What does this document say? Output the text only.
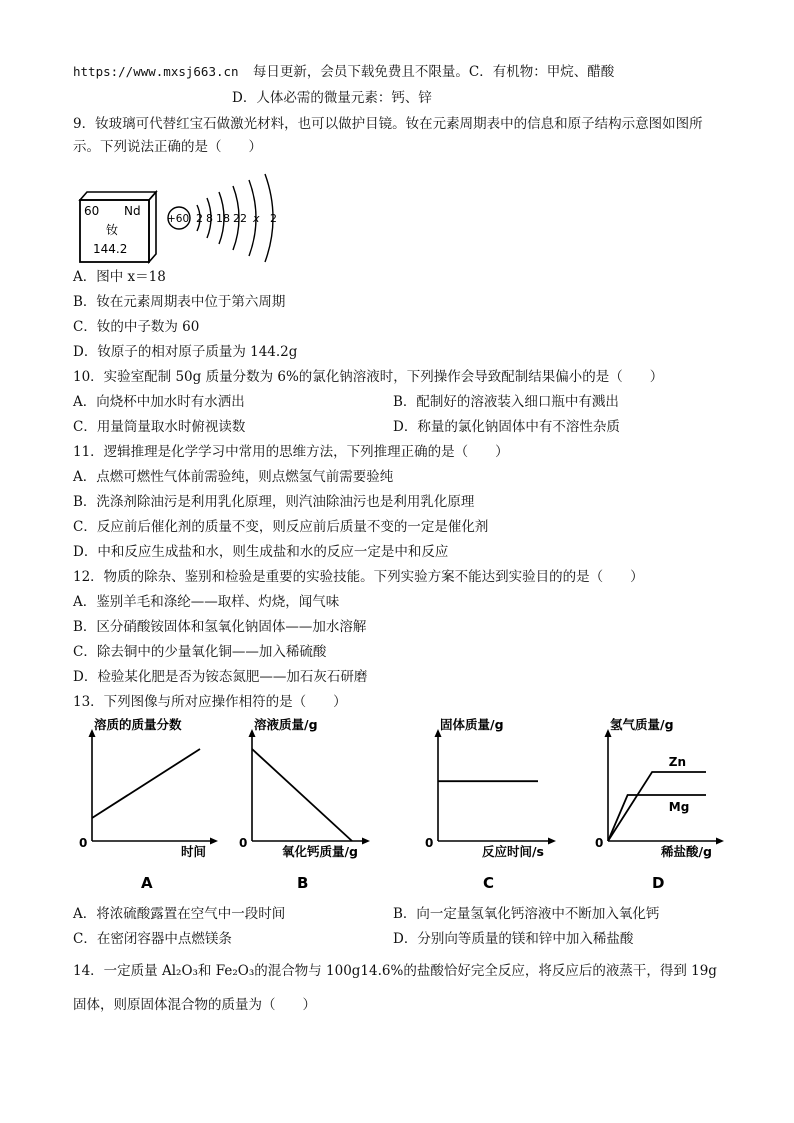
https://www.mxsj663.cn 每日更新，会员下载免费且不限量。C．有机物：甲烷、醋酸
D．人体必需的微量元素：钙、锌
9．钕玻璃可代替红宝石做激光材料，也可以做护目镜。钕在元素周期表中的信息和原子结构示意图如图所
示。下列说法正确的是（　　）
60 Nd
钕
144.2
+60 2 8 18 22 x 2
A．图中 x＝18
B．钕在元素周期表中位于第六周期
C．钕的中子数为 60
D．钕原子的相对原子质量为 144.2g
10．实验室配制 50g 质量分数为 6%的氯化钠溶液时，下列操作会导致配制结果偏小的是（　　）
A．向烧杯中加水时有水洒出	B．配制好的溶液装入细口瓶中有溅出
C．用量筒量取水时俯视读数	D．称量的氯化钠固体中有不溶性杂质
11．逻辑推理是化学学习中常用的思维方法，下列推理正确的是（　　）
A．点燃可燃性气体前需验纯，则点燃氢气前需要验纯
B．洗涤剂除油污是利用乳化原理，则汽油除油污也是利用乳化原理
C．反应前后催化剂的质量不变，则反应前后质量不变的一定是催化剂
D．中和反应生成盐和水，则生成盐和水的反应一定是中和反应
12．物质的除杂、鉴别和检验是重要的实验技能。下列实验方案不能达到实验目的的是（　　）
A．鉴别羊毛和涤纶——取样、灼烧，闻气味
B．区分硝酸铵固体和氢氧化钠固体——加水溶解
C．除去铜中的少量氧化铜——加入稀硫酸
D．检验某化肥是否为铵态氮肥——加石灰石研磨
13．下列图像与所对应操作相符的是（　　）
溶质的质量分数
时间
0
A
溶液质量/g
氧化钙质量/g
0
B
固体质量/g
反应时间/s
0
C
氢气质量/g
稀盐酸/g
0
D
Zn
Mg
A．将浓硫酸露置在空气中一段时间	B．向一定量氢氧化钙溶液中不断加入氧化钙
C．在密闭容器中点燃镁条	D．分别向等质量的镁和锌中加入稀盐酸
14．一定质量 Al₂O₃和 Fe₂O₃的混合物与 100g14.6%的盐酸恰好完全反应，将反应后的液蒸干，得到 19g
固体，则原固体混合物的质量为（　　）
